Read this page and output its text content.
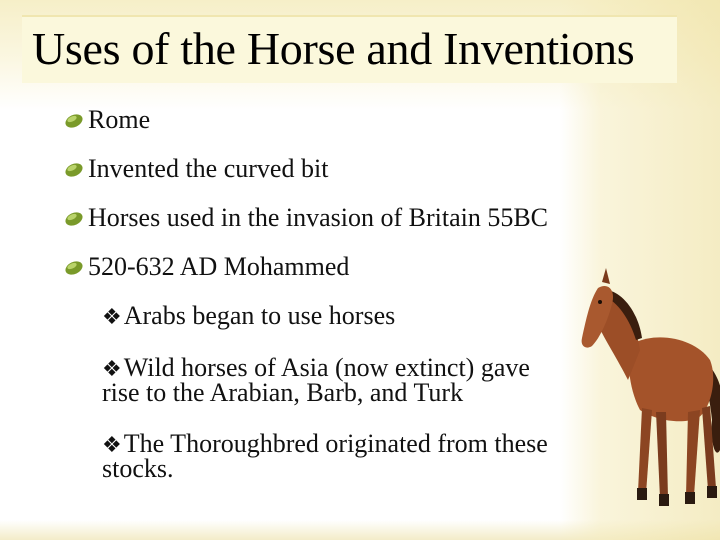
Uses of the Horse and Inventions
Rome
Invented the curved bit
Horses used in the invasion of Britain 55BC
520-632 AD Mohammed
❖Arabs began to use horses
❖Wild horses of Asia (now extinct) gave rise to the Arabian, Barb, and Turk
❖The Thoroughbred originated from these stocks.
